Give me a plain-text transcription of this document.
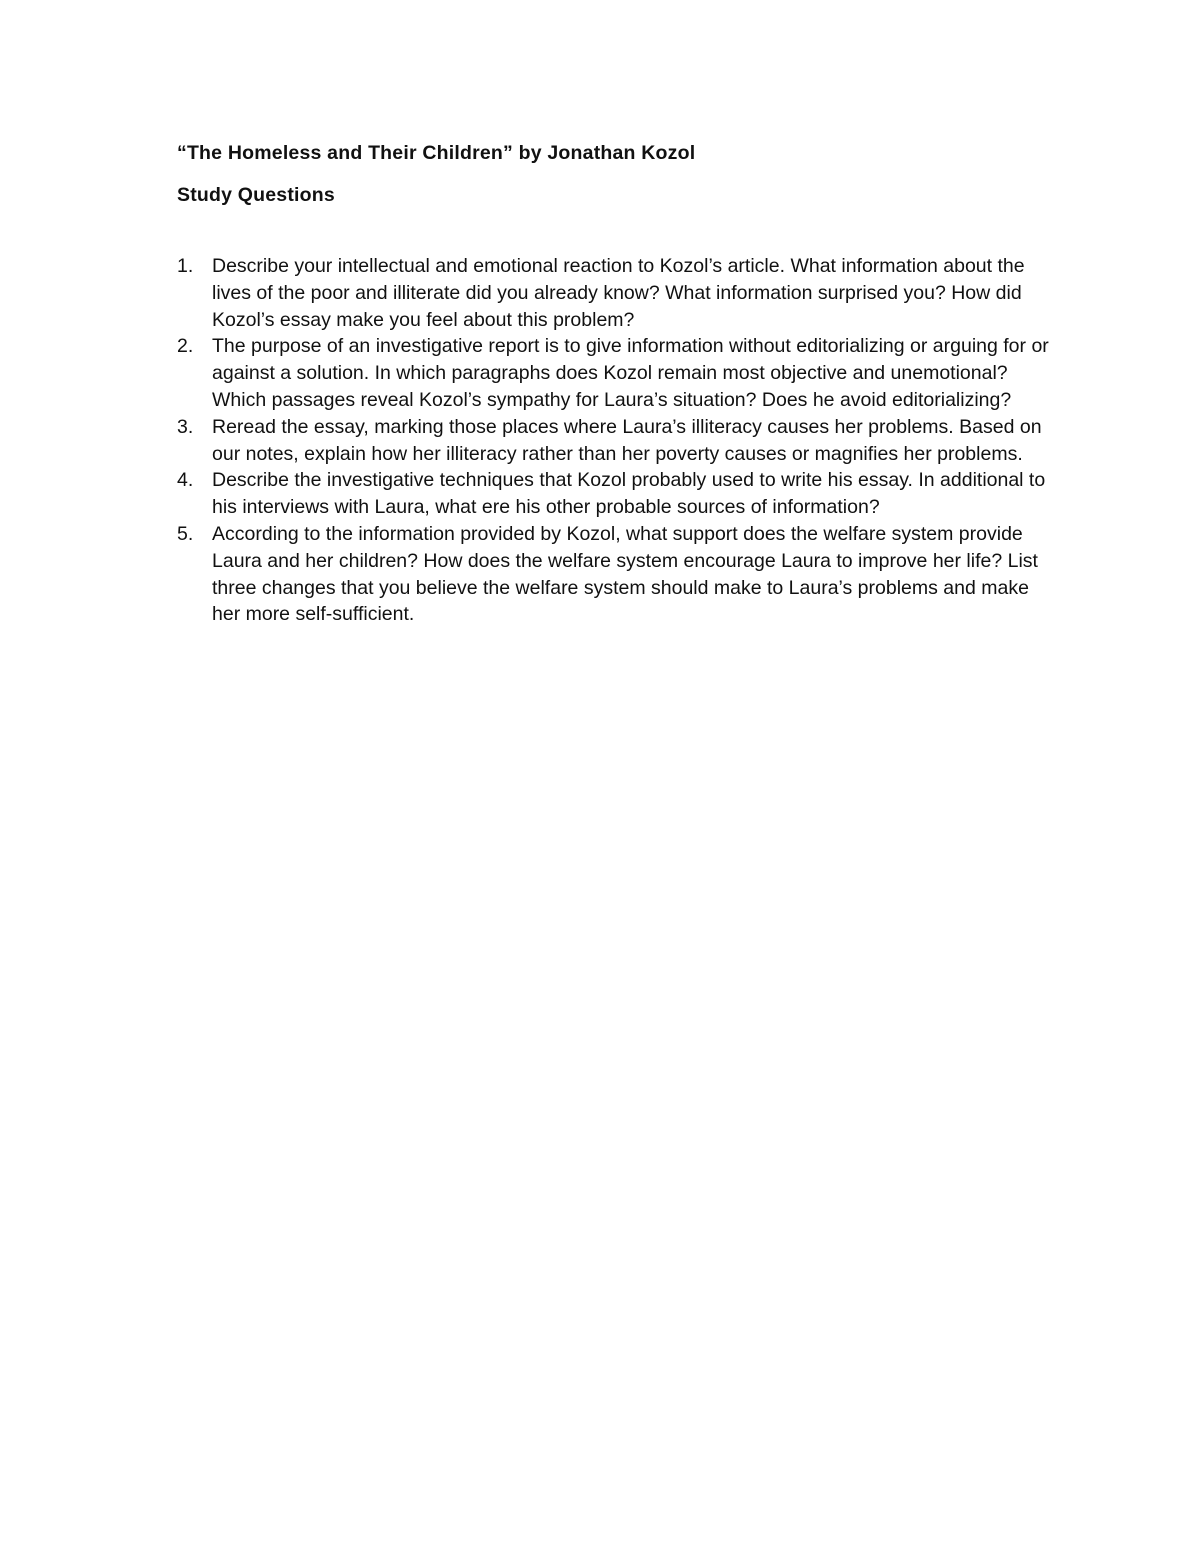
“The Homeless and Their Children” by Jonathan Kozol
Study Questions
1. Describe your intellectual and emotional reaction to Kozol’s article. What information about the lives of the poor and illiterate did you already know? What information surprised you? How did Kozol’s essay make you feel about this problem?
2. The purpose of an investigative report is to give information without editorializing or arguing for or against a solution. In which paragraphs does Kozol remain most objective and unemotional? Which passages reveal Kozol’s sympathy for Laura’s situation? Does he avoid editorializing?
3. Reread the essay, marking those places where Laura’s illiteracy causes her problems. Based on our notes, explain how her illiteracy rather than her poverty causes or magnifies her problems.
4. Describe the investigative techniques that Kozol probably used to write his essay. In additional to his interviews with Laura, what ere his other probable sources of information?
5. According to the information provided by Kozol, what support does the welfare system provide Laura and her children? How does the welfare system encourage Laura to improve her life? List three changes that you believe the welfare system should make to Laura’s problems and make her more self-sufficient.
